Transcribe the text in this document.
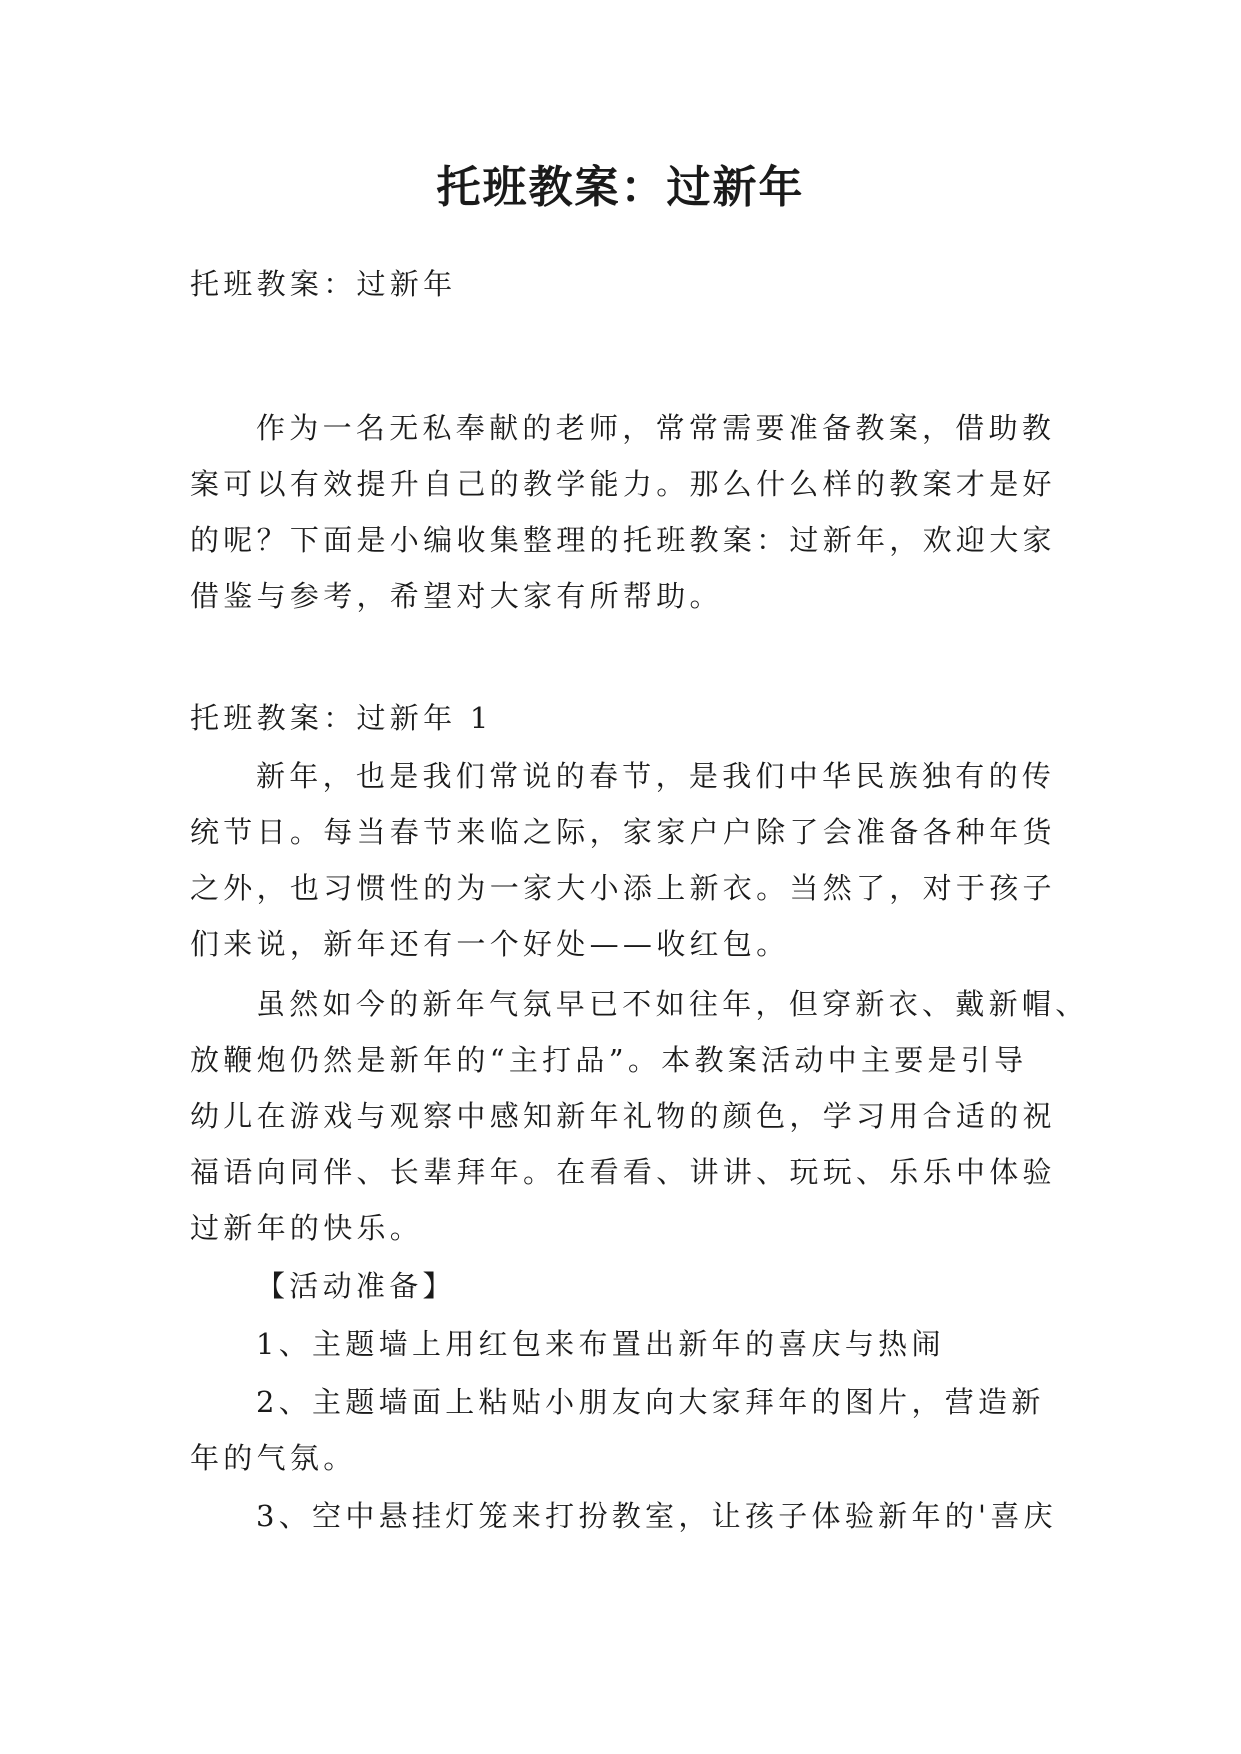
托班教案：过新年

托班教案：过新年

作为一名无私奉献的老师，常常需要准备教案，借助教

案可以有效提升自己的教学能力。那么什么样的教案才是好

的呢？下面是小编收集整理的托班教案：过新年，欢迎大家

借鉴与参考，希望对大家有所帮助。

托班教案：过新年 1

新年，也是我们常说的春节，是我们中华民族独有的传

统节日。每当春节来临之际，家家户户除了会准备各种年货

之外，也习惯性的为一家大小添上新衣。当然了，对于孩子

们来说，新年还有一个好处——收红包。

虽然如今的新年气氛早已不如往年，但穿新衣、戴新帽、

放鞭炮仍然是新年的“主打品”。本教案活动中主要是引导

幼儿在游戏与观察中感知新年礼物的颜色，学习用合适的祝

福语向同伴、长辈拜年。在看看、讲讲、玩玩、乐乐中体验

过新年的快乐。

【活动准备】

1、主题墙上用红包来布置出新年的喜庆与热闹

2、主题墙面上粘贴小朋友向大家拜年的图片，营造新

年的气氛。

3、空中悬挂灯笼来打扮教室，让孩子体验新年的'喜庆
